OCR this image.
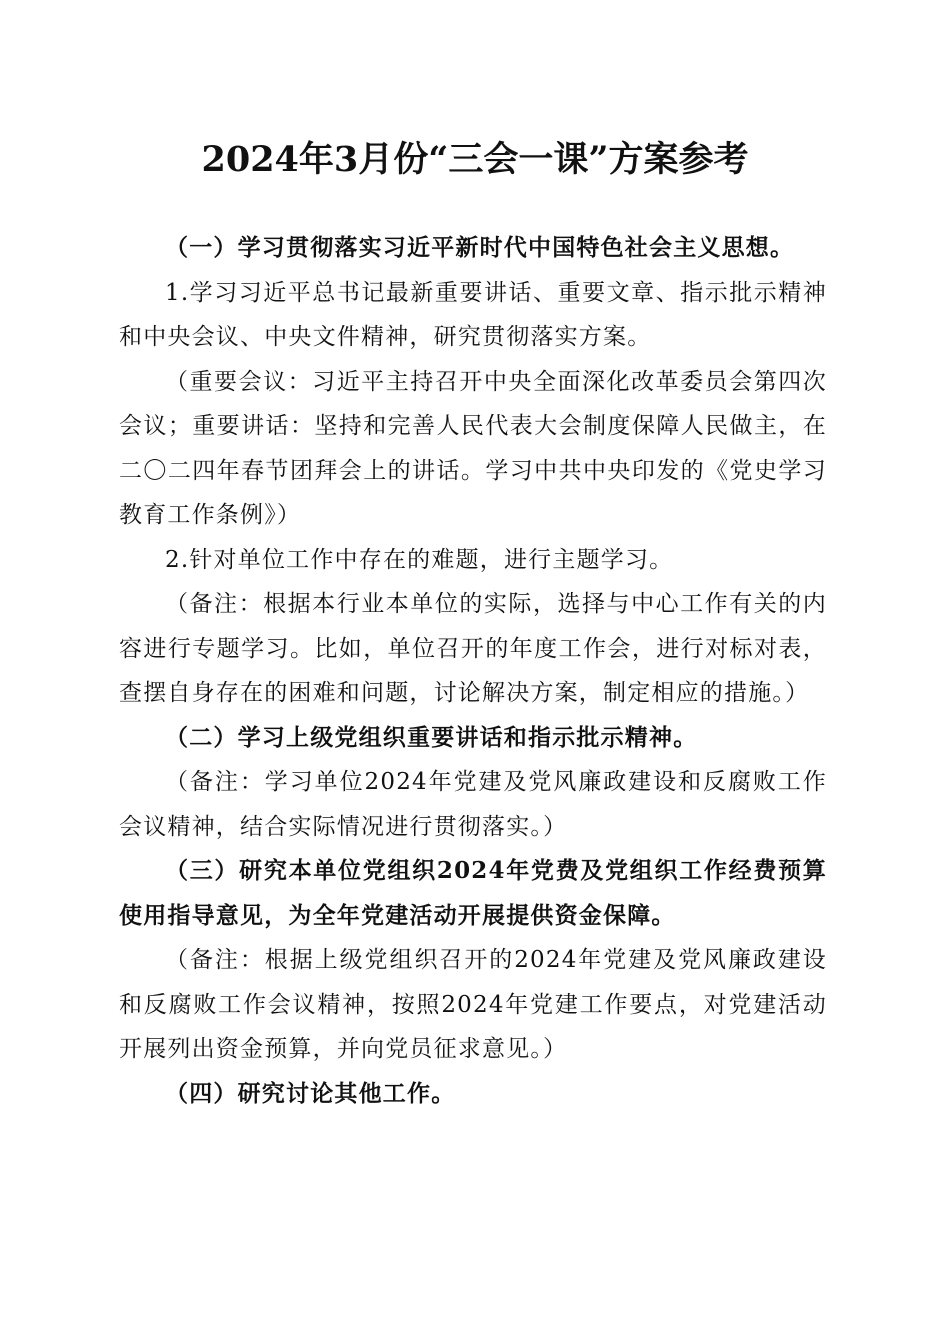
2024年3月份“三会一课”方案参考

（一）学习贯彻落实习近平新时代中国特色社会主义思想。

1.学习习近平总书记最新重要讲话、重要文章、指示批示精神和中央会议、中央文件精神，研究贯彻落实方案。

（重要会议：习近平主持召开中央全面深化改革委员会第四次会议；重要讲话：坚持和完善人民代表大会制度保障人民做主，在二〇二四年春节团拜会上的讲话。学习中共中央印发的《党史学习教育工作条例》）

2.针对单位工作中存在的难题，进行主题学习。

（备注：根据本行业本单位的实际，选择与中心工作有关的内容进行专题学习。比如，单位召开的年度工作会，进行对标对表，查摆自身存在的困难和问题，讨论解决方案，制定相应的措施。）

（二）学习上级党组织重要讲话和指示批示精神。

（备注：学习单位2024年党建及党风廉政建设和反腐败工作会议精神，结合实际情况进行贯彻落实。）

（三）研究本单位党组织2024年党费及党组织工作经费预算使用指导意见，为全年党建活动开展提供资金保障。

（备注：根据上级党组织召开的2024年党建及党风廉政建设和反腐败工作会议精神，按照2024年党建工作要点，对党建活动开展列出资金预算，并向党员征求意见。）

（四）研究讨论其他工作。
